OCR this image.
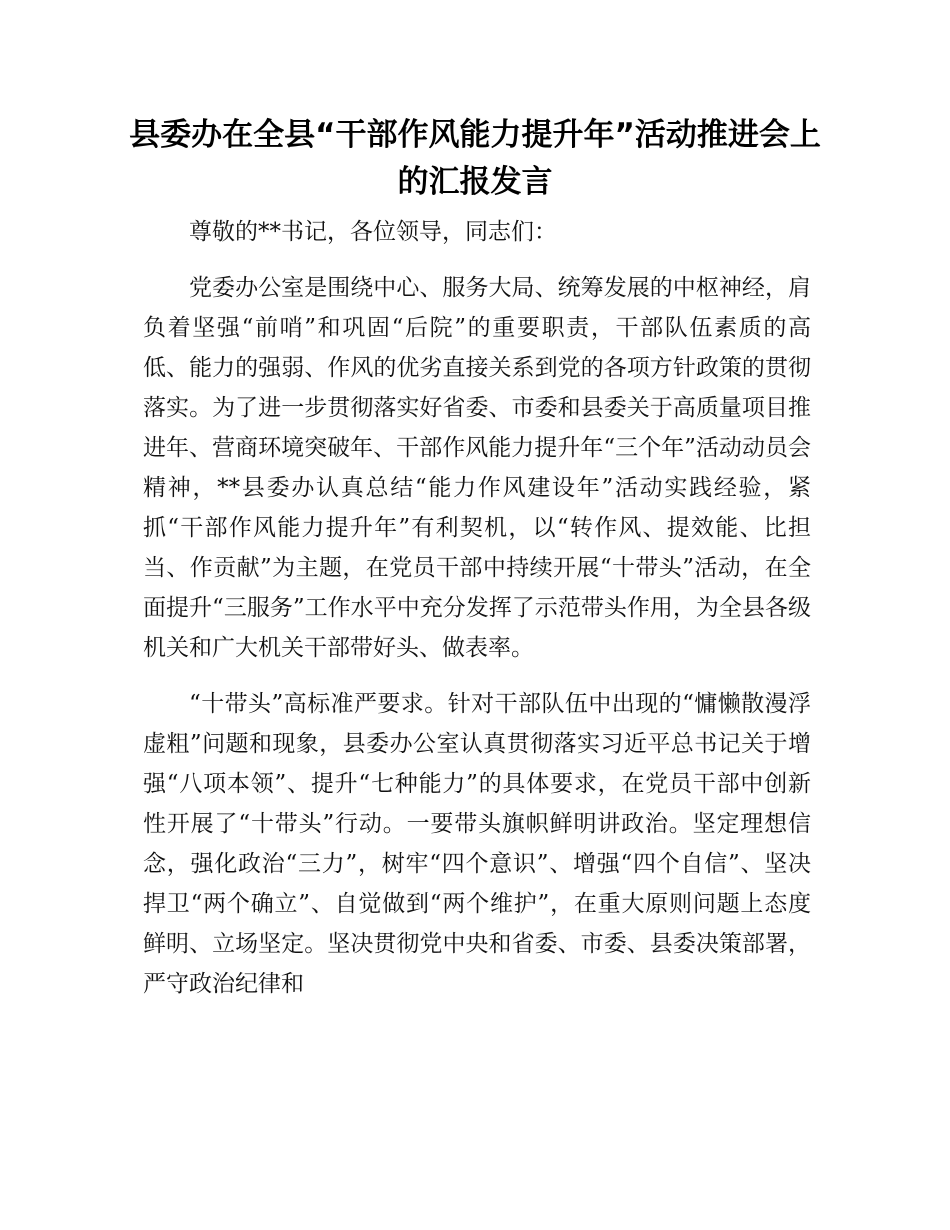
县委办在全县“干部作风能力提升年”活动推进会上的汇报发言

尊敬的**书记，各位领导，同志们：

党委办公室是围绕中心、服务大局、统筹发展的中枢神经，肩负着坚强“前哨”和巩固“后院”的重要职责，干部队伍素质的高低、能力的强弱、作风的优劣直接关系到党的各项方针政策的贯彻落实。为了进一步贯彻落实好省委、市委和县委关于高质量项目推进年、营商环境突破年、干部作风能力提升年“三个年”活动动员会精神，**县委办认真总结“能力作风建设年”活动实践经验，紧抓“干部作风能力提升年”有利契机，以“转作风、提效能、比担当、作贡献”为主题，在党员干部中持续开展“十带头”活动，在全面提升“三服务”工作水平中充分发挥了示范带头作用，为全县各级机关和广大机关干部带好头、做表率。

“十带头”高标准严要求。针对干部队伍中出现的“慵懒散漫浮虚粗”问题和现象，县委办公室认真贯彻落实习近平总书记关于增强“八项本领”、提升“七种能力”的具体要求，在党员干部中创新性开展了“十带头”行动。一要带头旗帜鲜明讲政治。坚定理想信念，强化政治“三力”，树牢“四个意识”、增强“四个自信”、坚决捍卫“两个确立”、自觉做到“两个维护”，在重大原则问题上态度鲜明、立场坚定。坚决贯彻党中央和省委、市委、县委决策部署，严守政治纪律和
